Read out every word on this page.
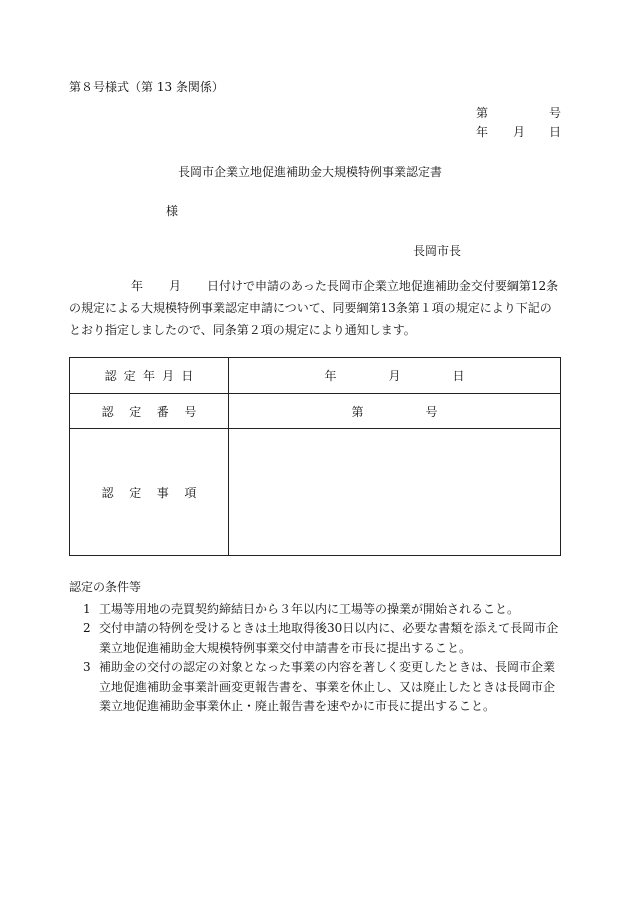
第８号様式（第 13 条関係）
第	号
年 月 日
長岡市企業立地促進補助金大規模特例事業認定書
様
長岡市長
年 月 日付けで申請のあった長岡市企業立地促進補助金交付要綱第12条
の規定による大規模特例事業認定申請について、同要綱第13条第１項の規定により下記の
とおり指定しましたので、同条第２項の規定により通知します。
認定年月日	年 月 日
認定番号	第 号
認定事項	
認定の条件等
1 工場等用地の売買契約締結日から３年以内に工場等の操業が開始されること。
2 交付申請の特例を受けるときは土地取得後30日以内に、必要な書類を添えて長岡市企業立地促進補助金大規模特例事業交付申請書を市長に提出すること。
3 補助金の交付の認定の対象となった事業の内容を著しく変更したときは、長岡市企業立地促進補助金事業計画変更報告書を、事業を休止し、又は廃止したときは長岡市企業立地促進補助金事業休止・廃止報告書を速やかに市長に提出すること。
